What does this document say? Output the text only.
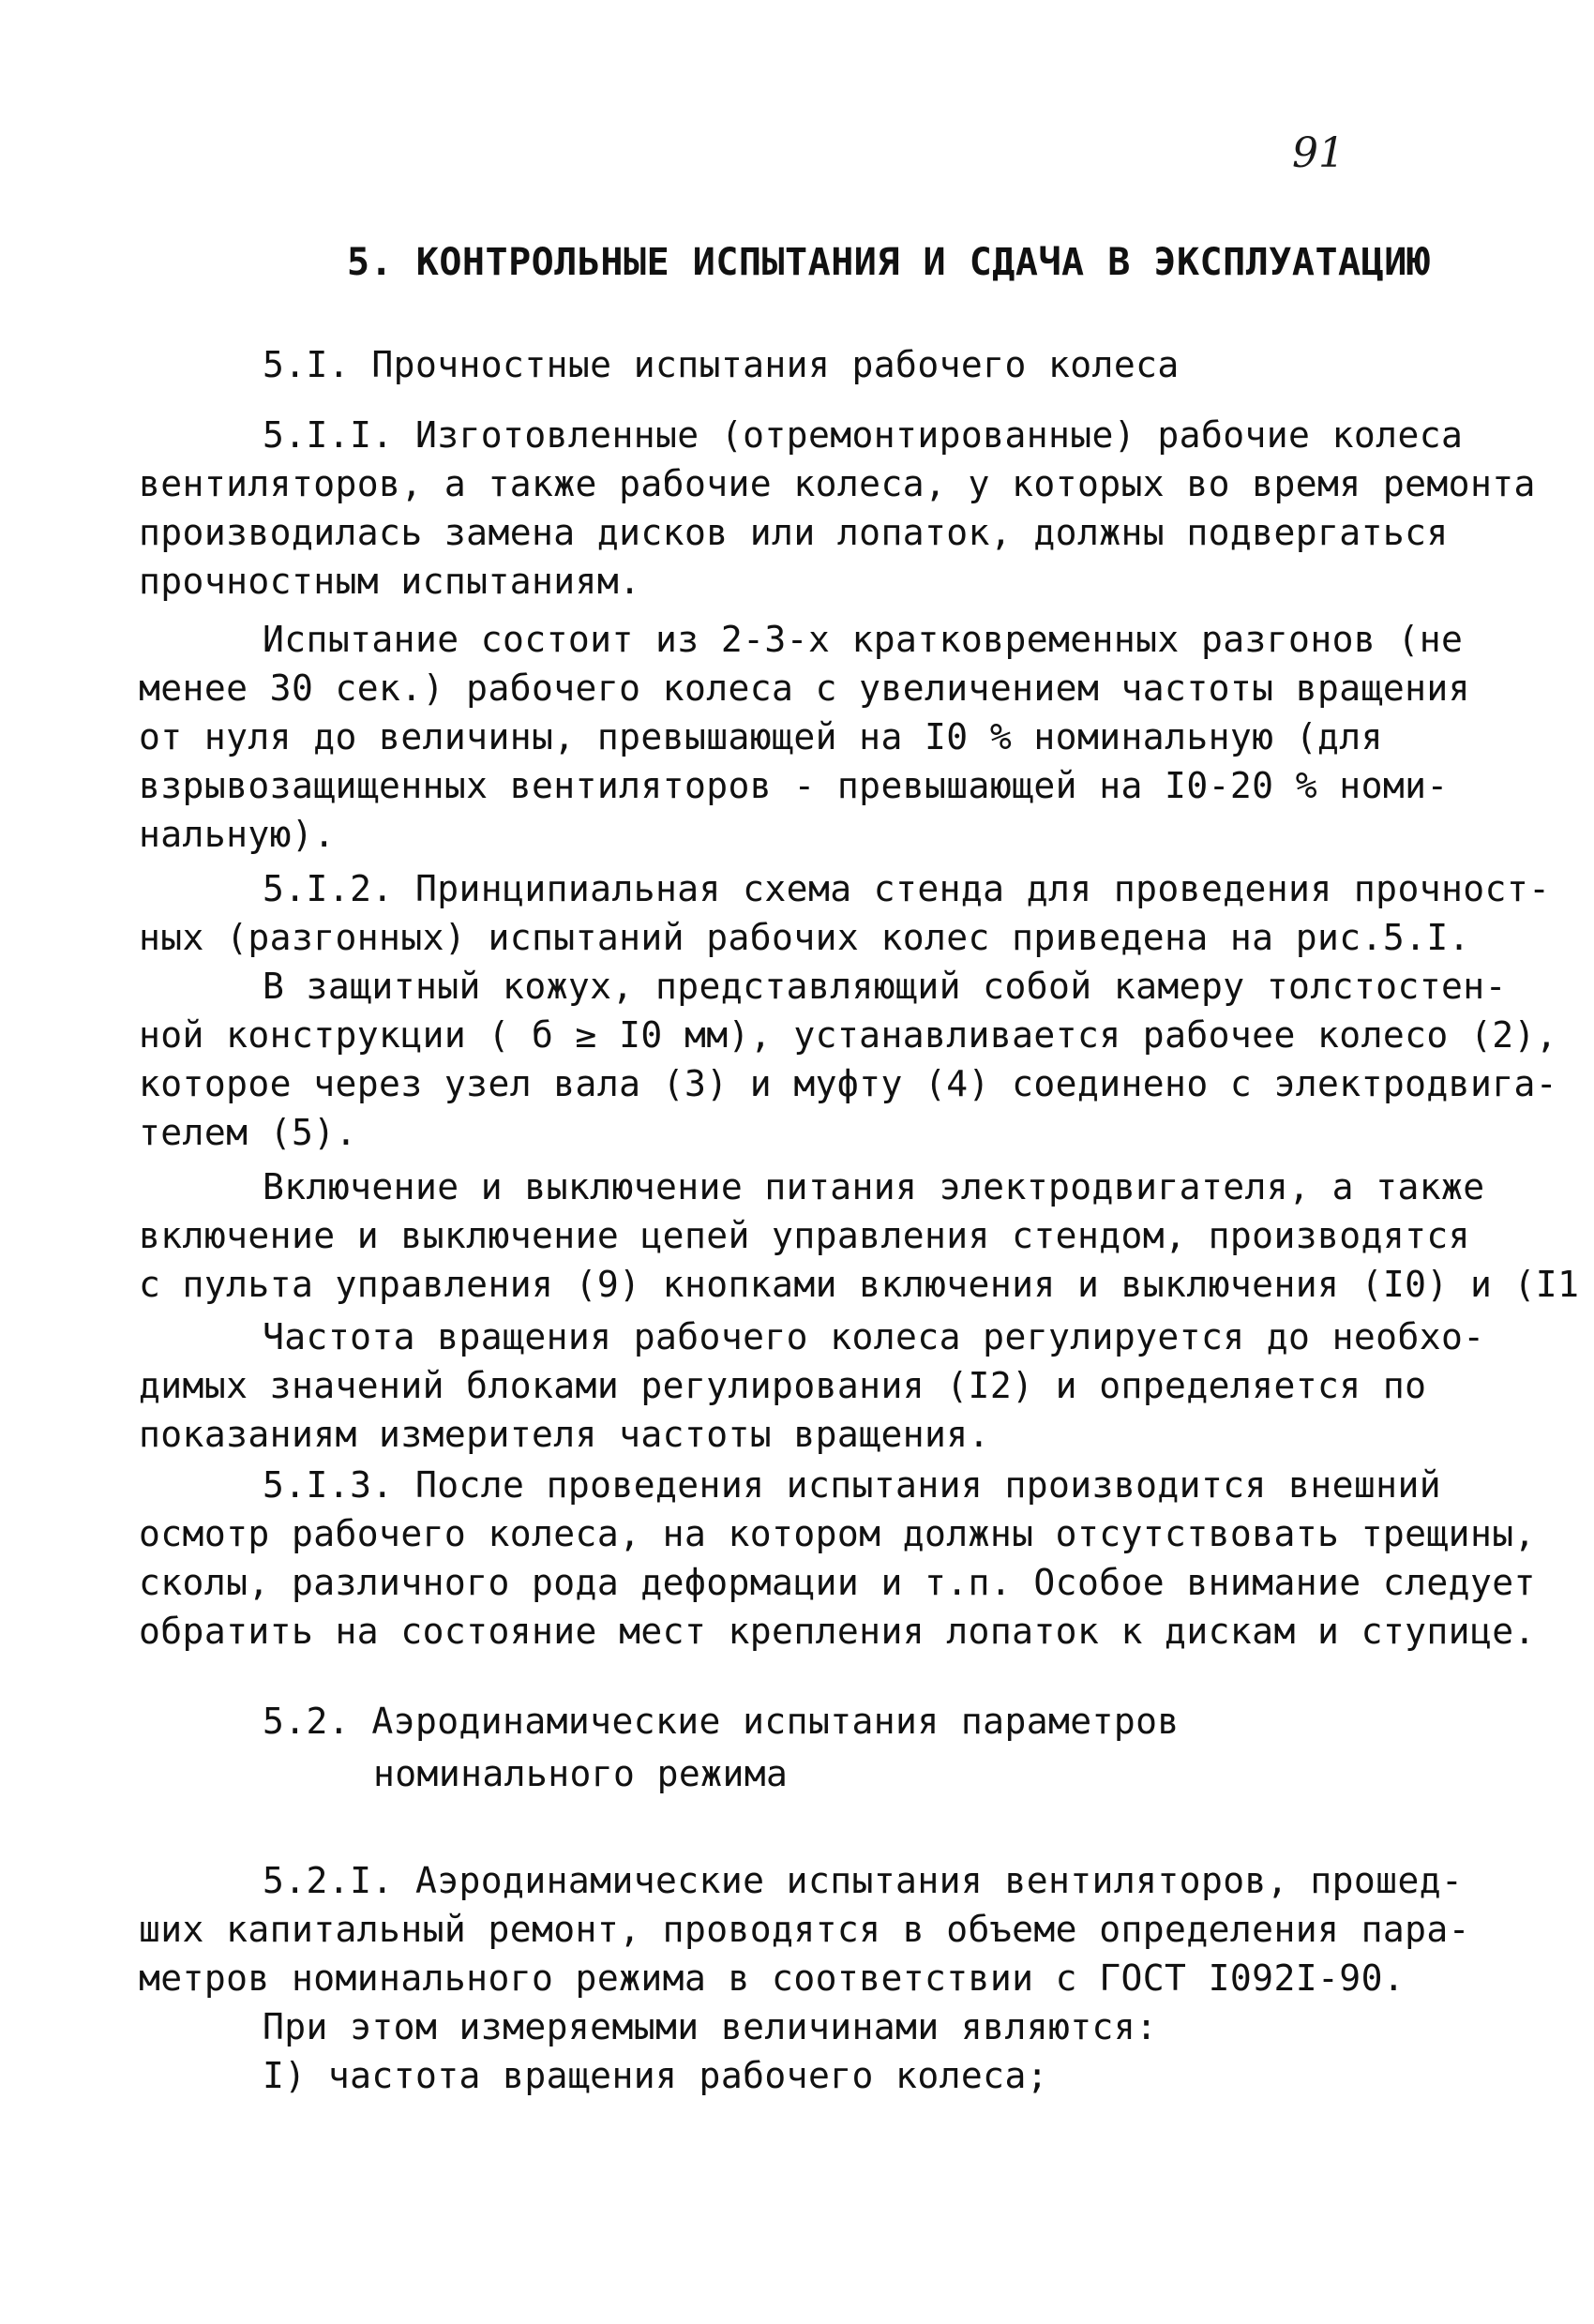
91
5. КОНТРОЛЬНЫЕ ИСПЫТАНИЯ И СДАЧА В ЭКСПЛУАТАЦИЮ
5.I. Прочностные испытания рабочего колеса
5.I.I. Изготовленные (отремонтированные) рабочие колеса
вентиляторов, а также рабочие колеса, у которых во время ремонта
производилась замена дисков или лопаток, должны подвергаться
прочностным испытаниям.
Испытание состоит из 2-3-х кратковременных разгонов (не
менее 30 сек.) рабочего колеса с увеличением частоты вращения
от нуля до величины, превышающей на I0 % номинальную (для
взрывозащищенных вентиляторов - превышающей на I0-20 % номи-
нальную).
5.I.2. Принципиальная схема стенда для проведения прочност-
ных (разгонных) испытаний рабочих колес приведена на рис.5.I.
В защитный кожух, представляющий собой камеру толстостен-
ной конструкции ( б ≥ I0 мм), устанавливается рабочее колесо (2),
которое через узел вала (3) и муфту (4) соединено с электродвига-
телем (5).
Включение и выключение питания электродвигателя, а также
включение и выключение цепей управления стендом, производятся
с пульта управления (9) кнопками включения и выключения (I0) и (I1
Частота вращения рабочего колеса регулируется до необхо-
димых значений блоками регулирования (I2) и определяется по
показаниям измерителя частоты вращения.
5.I.3. После проведения испытания производится внешний
осмотр рабочего колеса, на котором должны отсутствовать трещины,
сколы, различного рода деформации и т.п. Особое внимание следует
обратить на состояние мест крепления лопаток к дискам и ступице.
5.2. Аэродинамические испытания параметров
номинального режима
5.2.I. Аэродинамические испытания вентиляторов, прошед-
ших капитальный ремонт, проводятся в объеме определения пара-
метров номинального режима в соответствии с ГОСТ I092I-90.
При этом измеряемыми величинами являются:
I) частота вращения рабочего колеса;
